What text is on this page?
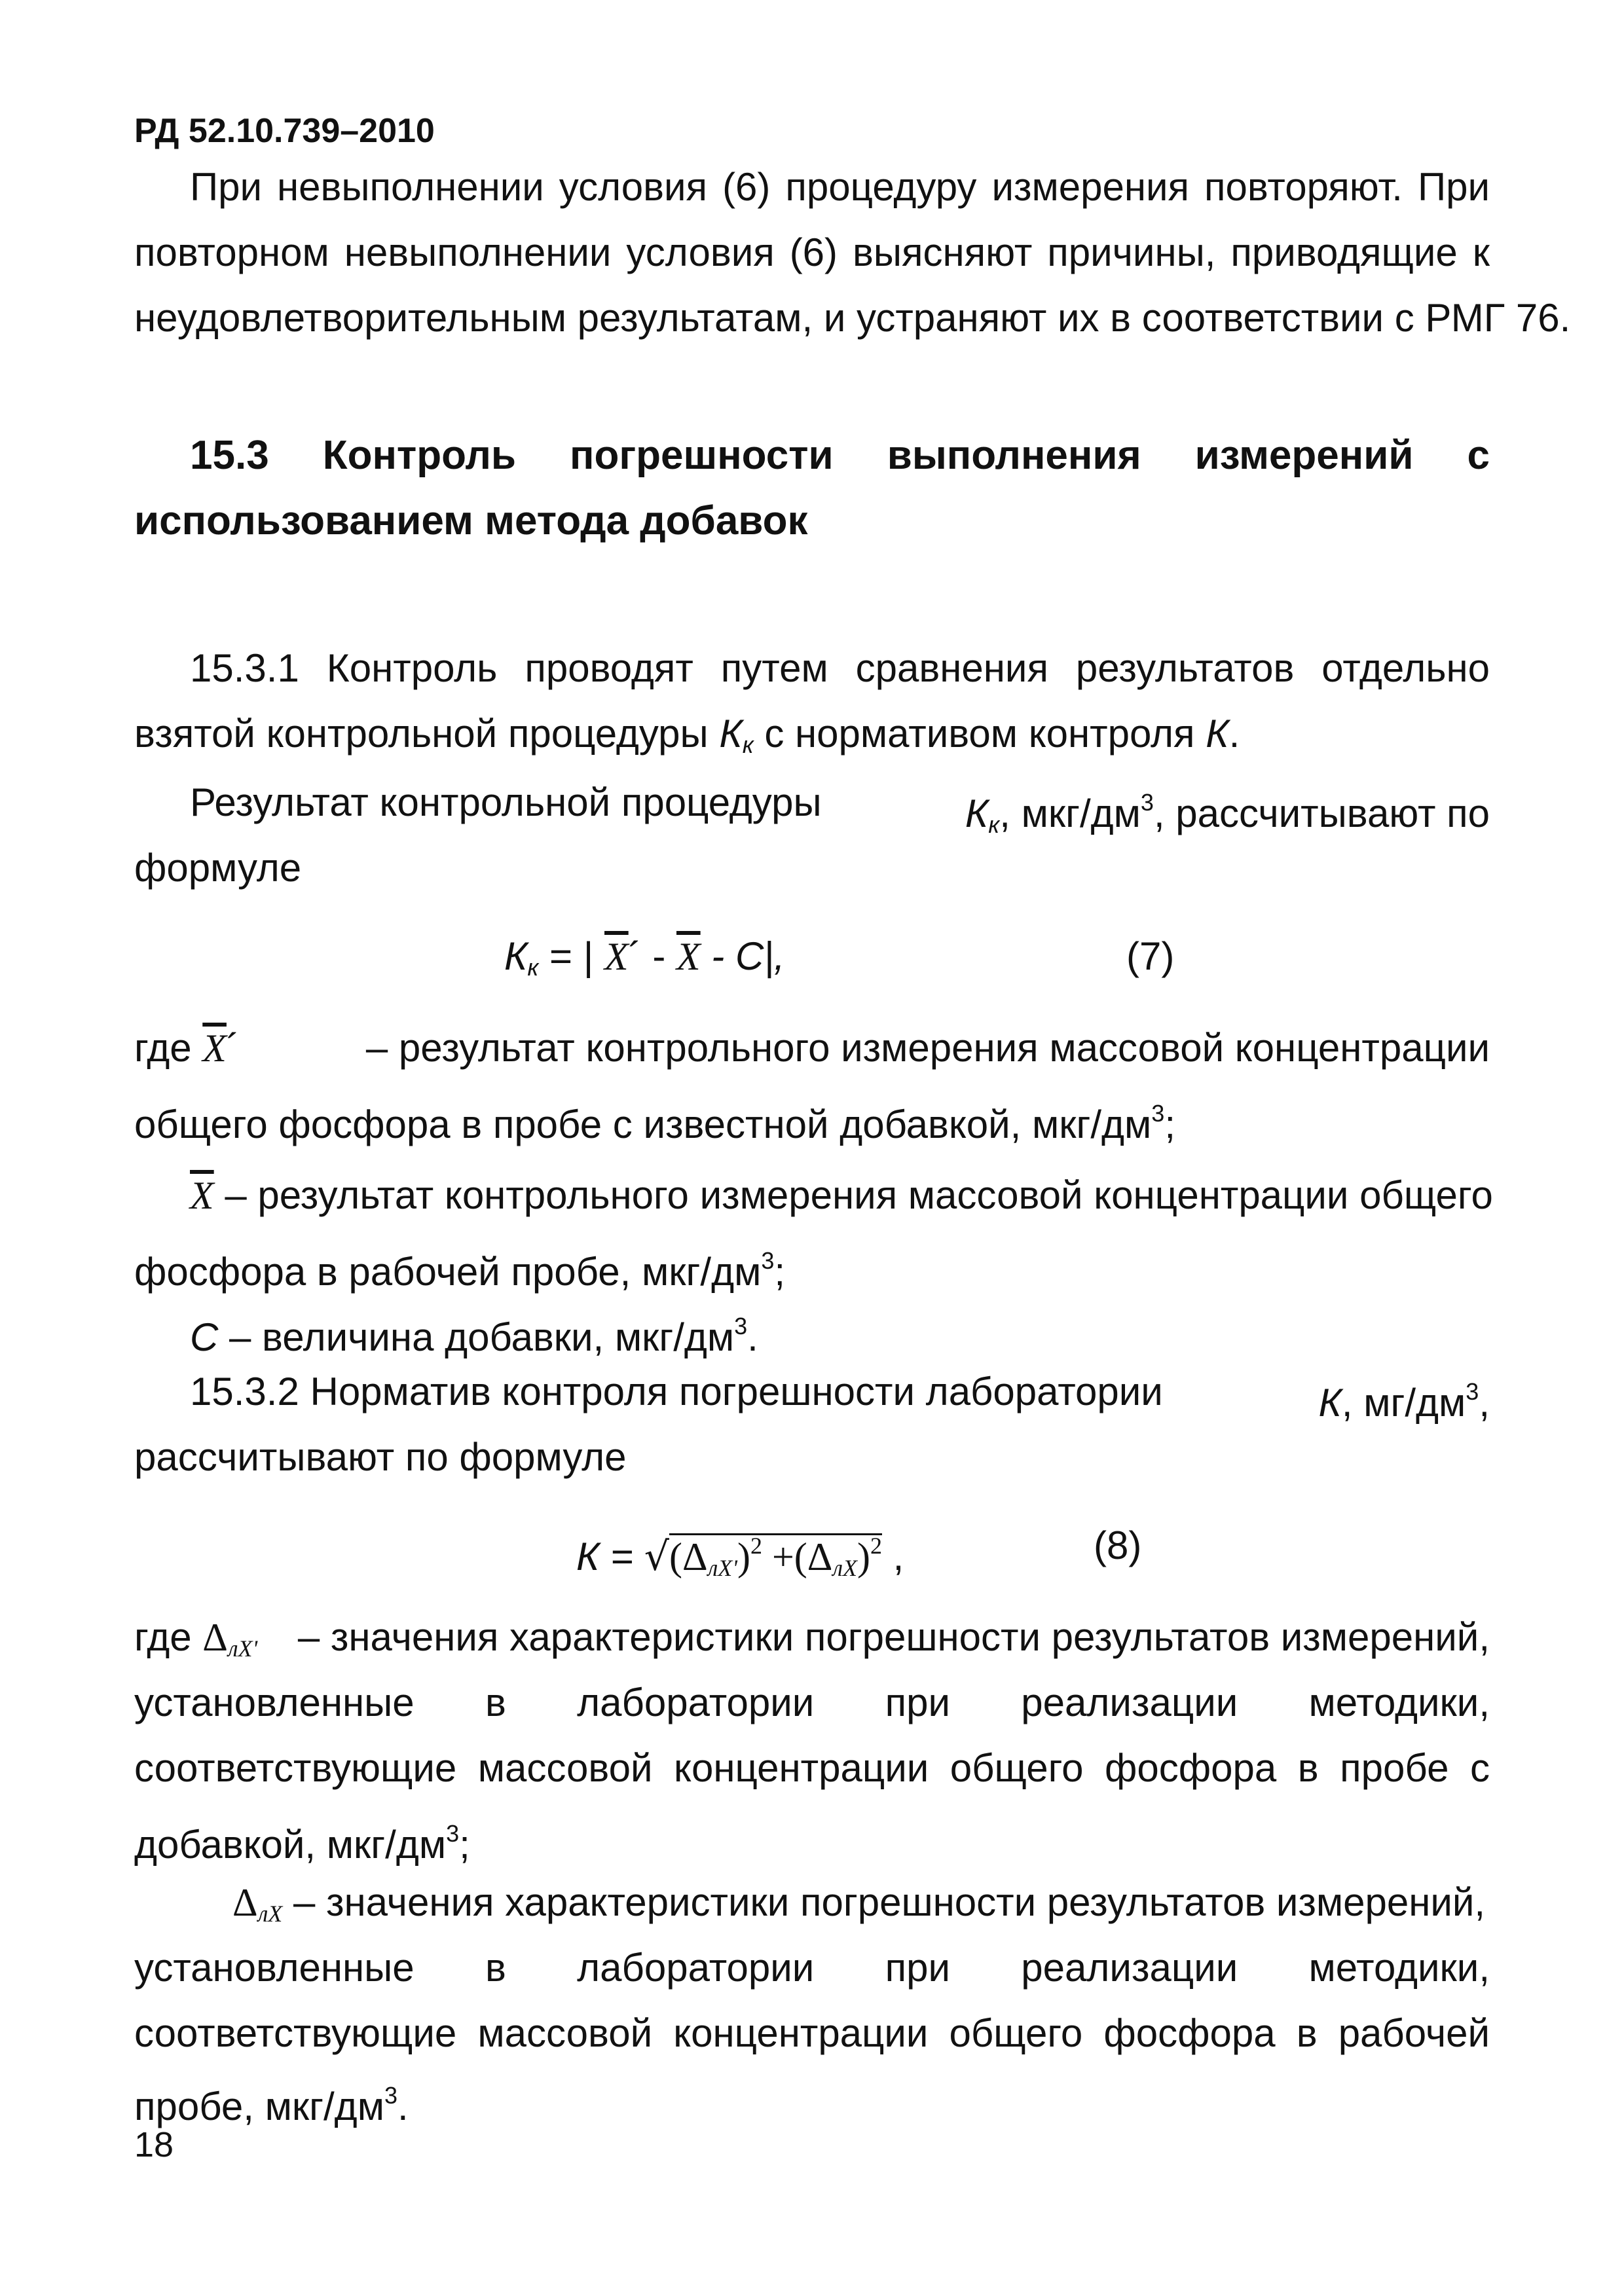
РД 52.10.739–2010
При невыполнении условия (6) процедуру измерения повторяют. При
повторном невыполнении условия (6) выясняют причины, приводящие к
неудовлетворительным результатам, и устраняют их в соответствии с РМГ 76.
15.3 Контроль погрешности выполнения измерений с
использованием метода добавок
15.3.1 Контроль проводят путем сравнения результатов отдельно
взятой контрольной процедуры $К_к$ с нормативом контроля К.
Результат контрольной процедуры	$К_к$, мкг/$дм^3$, рассчитывают по
формуле
$К_к$ = | $\overline{X}´ - \overline{X} - С|$,	(7)
где $\overline{X}´$	– результат контрольного измерения массовой концентрации
общего фосфора в пробе с известной добавкой, мкг/$дм^3$;
$\overline{X}$ – результат контрольного измерения массовой концентрации общего
фосфора в рабочей пробе, мкг/$дм^3$;
С – величина добавки, мкг/$дм^3$.
15.3.2 Норматив контроля погрешности лаборатории	К, $мг/дм^3$,
рассчитывают по формуле
$К = √(\Delta_{лX'})^2 +(\Delta_{лX})^2$ ,	(8)
где $\Delta_{лX'}$ – значения характеристики погрешности результатов измерений,
установленные в лаборатории при реализации методики,
соответствующие массовой концентрации общего фосфора в пробе с
добавкой, мкг/$дм^3$;
$\Delta_{лX}$ – значения характеристики погрешности результатов измерений,
установленные в лаборатории при реализации методики,
соответствующие массовой концентрации общего фосфора в рабочей
пробе, мкг/$дм^3$.
18
